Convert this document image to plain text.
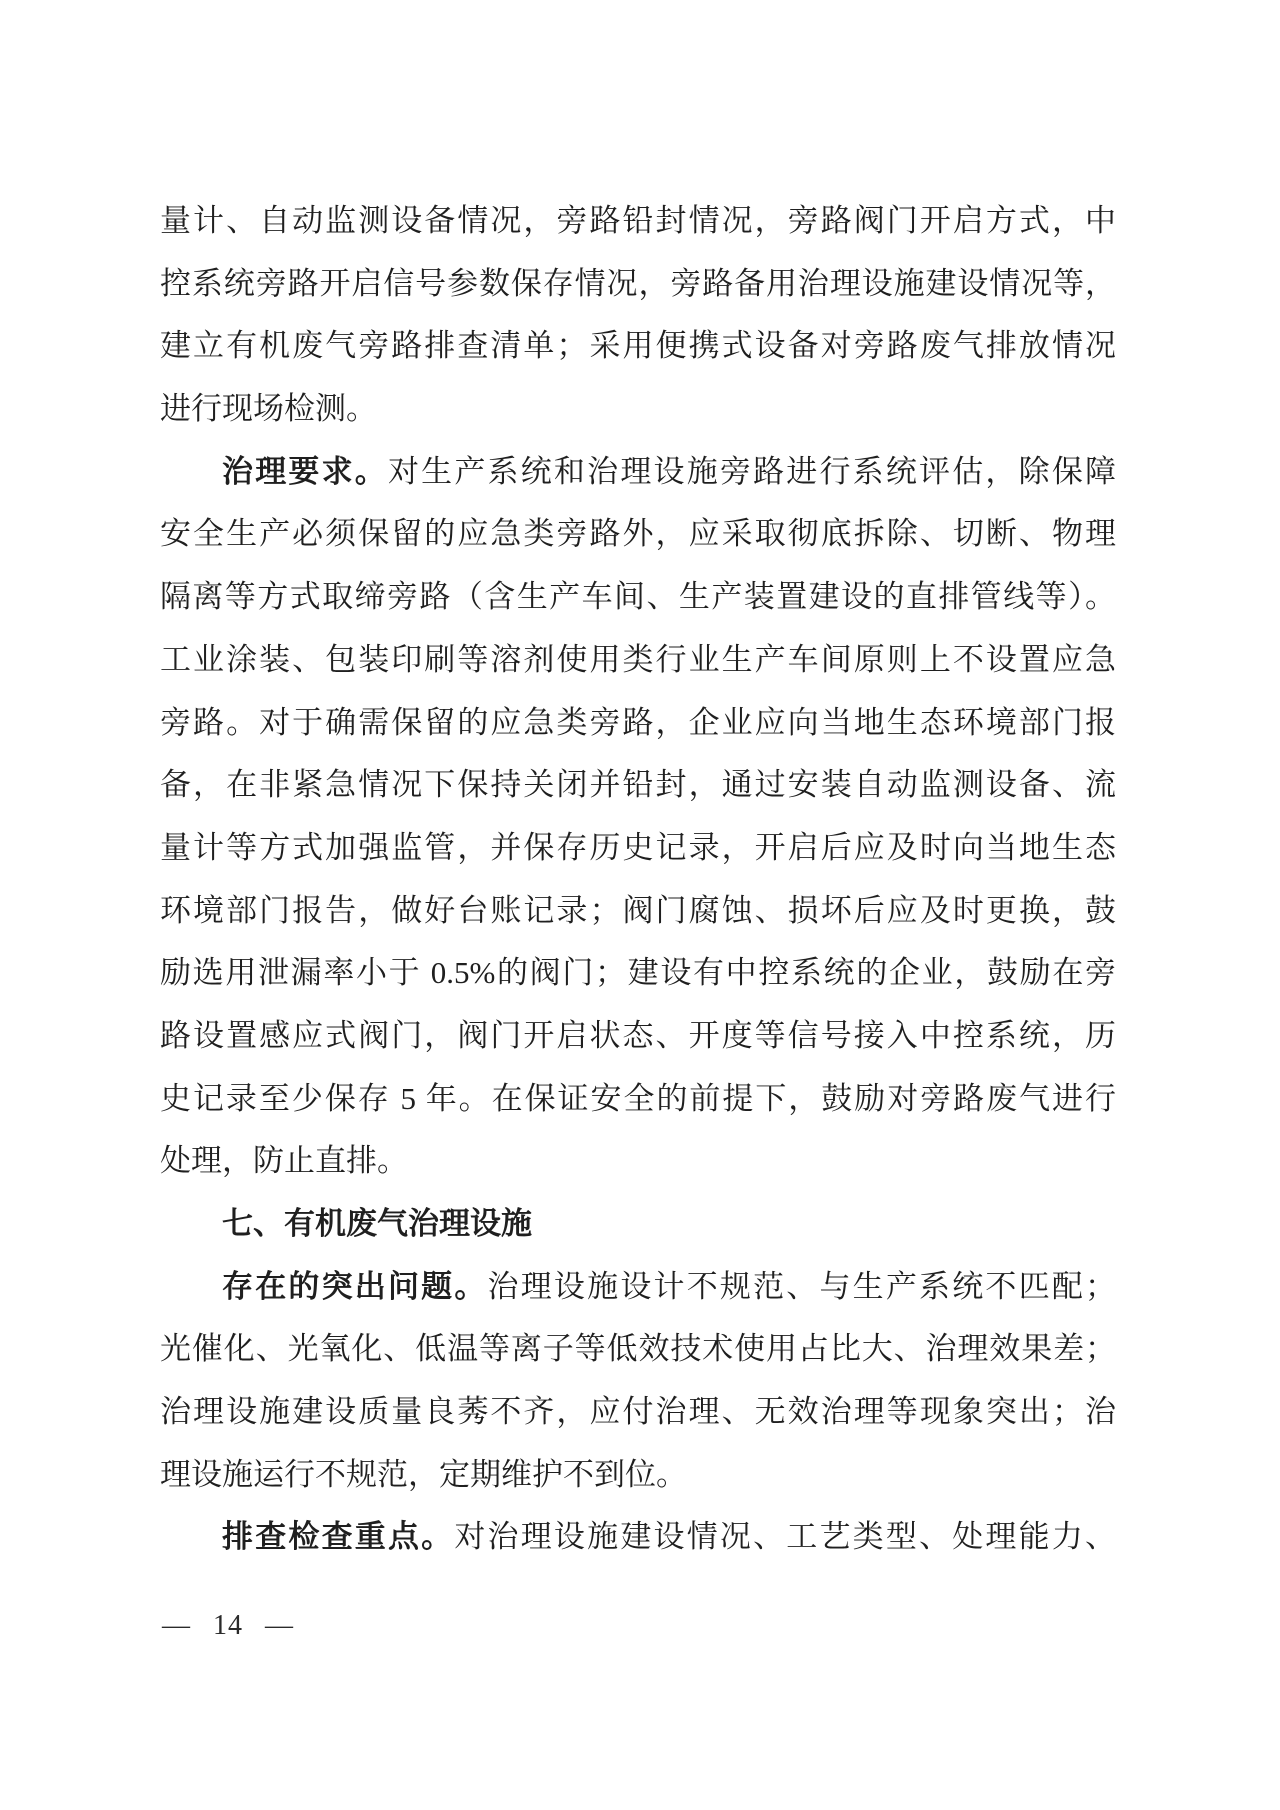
量计、自动监测设备情况，旁路铅封情况，旁路阀门开启方式，中
控系统旁路开启信号参数保存情况，旁路备用治理设施建设情况等，
建立有机废气旁路排查清单；采用便携式设备对旁路废气排放情况
进行现场检测。
治理要求。对生产系统和治理设施旁路进行系统评估，除保障
安全生产必须保留的应急类旁路外，应采取彻底拆除、切断、物理
隔离等方式取缔旁路（含生产车间、生产装置建设的直排管线等）。
工业涂装、包装印刷等溶剂使用类行业生产车间原则上不设置应急
旁路。对于确需保留的应急类旁路，企业应向当地生态环境部门报
备，在非紧急情况下保持关闭并铅封，通过安装自动监测设备、流
量计等方式加强监管，并保存历史记录，开启后应及时向当地生态
环境部门报告，做好台账记录；阀门腐蚀、损坏后应及时更换，鼓
励选用泄漏率小于 0.5%的阀门；建设有中控系统的企业，鼓励在旁
路设置感应式阀门，阀门开启状态、开度等信号接入中控系统，历
史记录至少保存 5 年。在保证安全的前提下，鼓励对旁路废气进行
处理，防止直排。
七、有机废气治理设施
存在的突出问题。治理设施设计不规范、与生产系统不匹配；
光催化、光氧化、低温等离子等低效技术使用占比大、治理效果差；
治理设施建设质量良莠不齐，应付治理、无效治理等现象突出；治
理设施运行不规范，定期维护不到位。
排查检查重点。对治理设施建设情况、工艺类型、处理能力、
— 14 —
